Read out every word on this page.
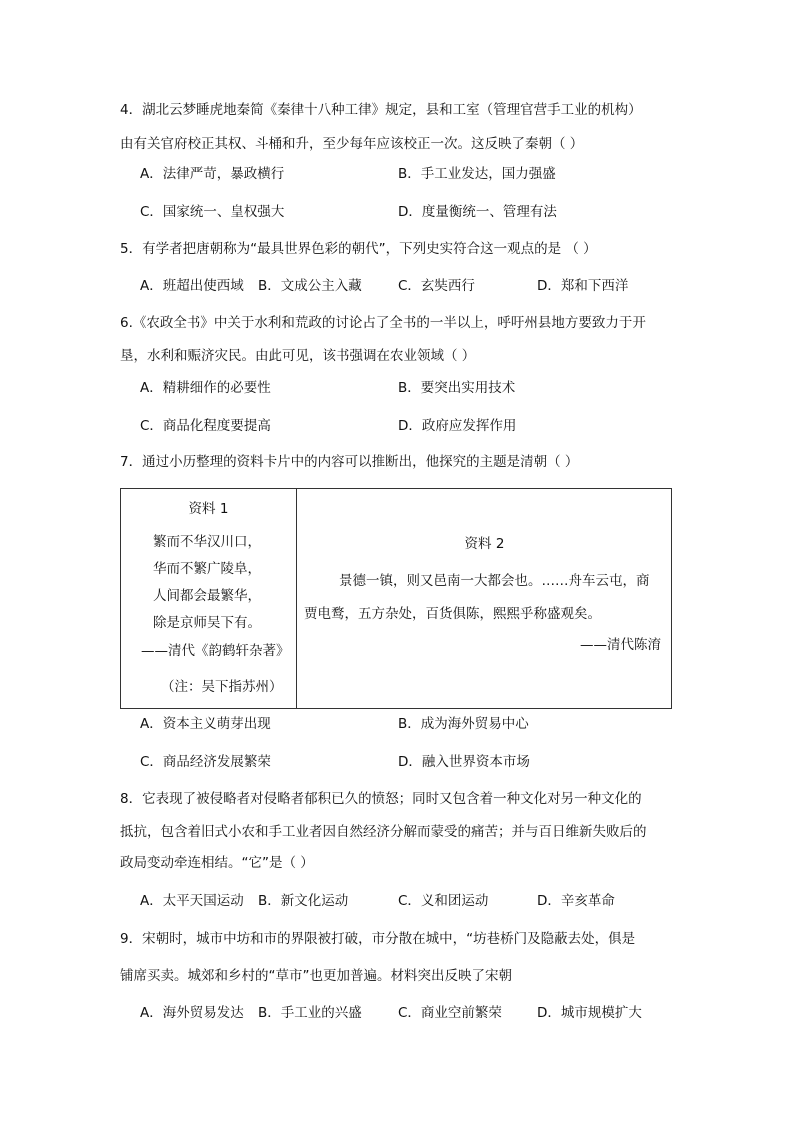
4．湖北云梦睡虎地秦简《秦律十八种工律》规定，县和工室（管理官营手工业的机构）
由有关官府校正其权、斗桶和升，至少每年应该校正一次。这反映了秦朝（ ）
A．法律严苛，暴政横行	B．手工业发达，国力强盛
C．国家统一、皇权强大	D．度量衡统一、管理有法
5．有学者把唐朝称为“最具世界色彩的朝代”，下列史实符合这一观点的是 （ ）
A．班超出使西域 B．文成公主入藏	C．玄奘西行	D．郑和下西洋
6.《农政全书》中关于水利和荒政的讨论占了全书的一半以上，呼吁州县地方要致力于开
垦，水利和赈济灾民。由此可见，该书强调在农业领域（ ）
A．精耕细作的必要性	B．要突出实用技术
C．商品化程度要提高	D．政府应发挥作用
7．通过小历整理的资料卡片中的内容可以推断出，他探究的主题是清朝（ ）
资料 1
繁而不华汉川口，
华而不繁广陵阜，
人间都会最繁华，
除是京师吴下有。
——清代《韵鹤轩杂著》
（注：吴下指苏州）
资料 2
景德一镇，则又邑南一大都会也。……舟车云屯，商
贾电鹜，五方杂处，百货俱陈，熙熙乎称盛观矣。
——清代陈淯
A．资本主义萌芽出现	B．成为海外贸易中心
C．商品经济发展繁荣	D．融入世界资本市场
8．它表现了被侵略者对侵略者郁积已久的愤怒；同时又包含着一种文化对另一种文化的
抵抗，包含着旧式小农和手工业者因自然经济分解而蒙受的痛苦；并与百日维新失败后的
政局变动牵连相结。“它”是（ ）
A．太平天国运动 B．新文化运动	C．义和团运动	D．辛亥革命
9．宋朝时，城市中坊和市的界限被打破，市分散在城中，“坊巷桥门及隐蔽去处，俱是
铺席买卖。城郊和乡村的“草市”也更加普遍。材料突出反映了宋朝
A．海外贸易发达 B．手工业的兴盛	C．商业空前繁荣	D．城市规模扩大
